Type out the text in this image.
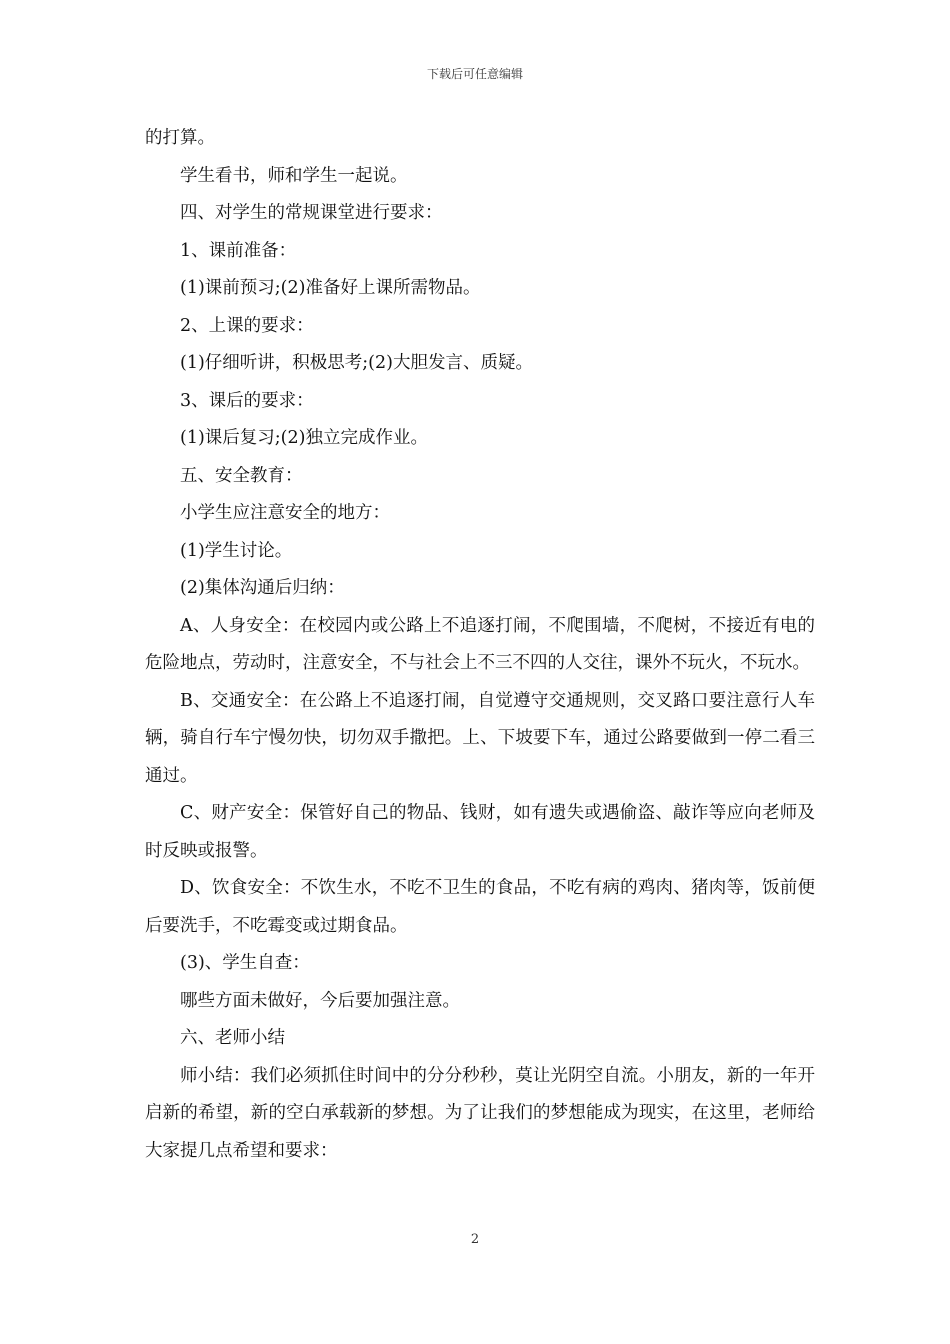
下载后可任意编辑

的打算。

学生看书，师和学生一起说。

四、对学生的常规课堂进行要求：

1、课前准备：

(1)课前预习;(2)准备好上课所需物品。

2、上课的要求：

(1)仔细听讲，积极思考;(2)大胆发言、质疑。

3、课后的要求：

(1)课后复习;(2)独立完成作业。

五、安全教育：

小学生应注意安全的地方：

(1)学生讨论。

(2)集体沟通后归纳：

A、人身安全：在校园内或公路上不追逐打闹，不爬围墙，不爬树，不接近有电的危险地点，劳动时，注意安全，不与社会上不三不四的人交往，课外不玩火，不玩水。

B、交通安全：在公路上不追逐打闹，自觉遵守交通规则，交叉路口要注意行人车辆，骑自行车宁慢勿快，切勿双手撒把。上、下坡要下车，通过公路要做到一停二看三通过。

C、财产安全：保管好自己的物品、钱财，如有遗失或遇偷盗、敲诈等应向老师及时反映或报警。

D、饮食安全：不饮生水，不吃不卫生的食品，不吃有病的鸡肉、猪肉等，饭前便后要洗手，不吃霉变或过期食品。

(3)、学生自查：

哪些方面未做好，今后要加强注意。

六、老师小结

师小结：我们必须抓住时间中的分分秒秒，莫让光阴空自流。小朋友，新的一年开启新的希望，新的空白承载新的梦想。为了让我们的梦想能成为现实，在这里，老师给大家提几点希望和要求：

2
